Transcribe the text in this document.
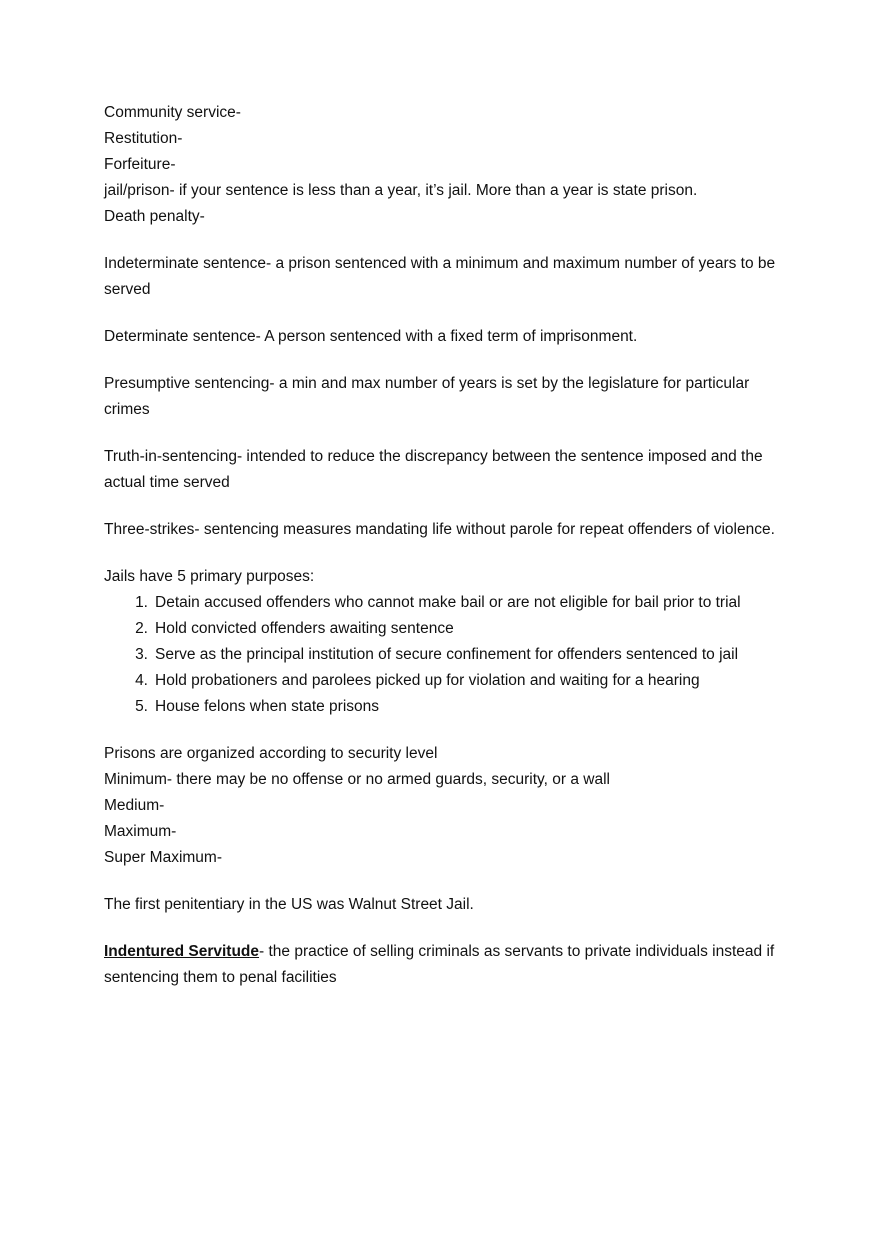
Community service-

Restitution-

Forfeiture-

jail/prison- if your sentence is less than a year, it’s jail. More than a year is state prison.

Death penalty-

Indeterminate sentence- a prison sentenced with a minimum and maximum number of years to be served

Determinate sentence- A person sentenced with a fixed term of imprisonment.

Presumptive sentencing- a min and max number of years is set by the legislature for particular crimes

Truth-in-sentencing- intended to reduce the discrepancy between the sentence imposed and the actual time served

Three-strikes- sentencing measures mandating life without parole for repeat offenders of violence.

Jails have 5 primary purposes:

1. Detain accused offenders who cannot make bail or are not eligible for bail prior to trial
2. Hold convicted offenders awaiting sentence
3. Serve as the principal institution of secure confinement for offenders sentenced to jail
4. Hold probationers and parolees picked up for violation and waiting for a hearing
5. House felons when state prisons

Prisons are organized according to security level

Minimum- there may be no offense or no armed guards, security, or a wall

Medium-

Maximum-

Super Maximum-

The first penitentiary in the US was Walnut Street Jail.

Indentured Servitude- the practice of selling criminals as servants to private individuals instead if sentencing them to penal facilities
